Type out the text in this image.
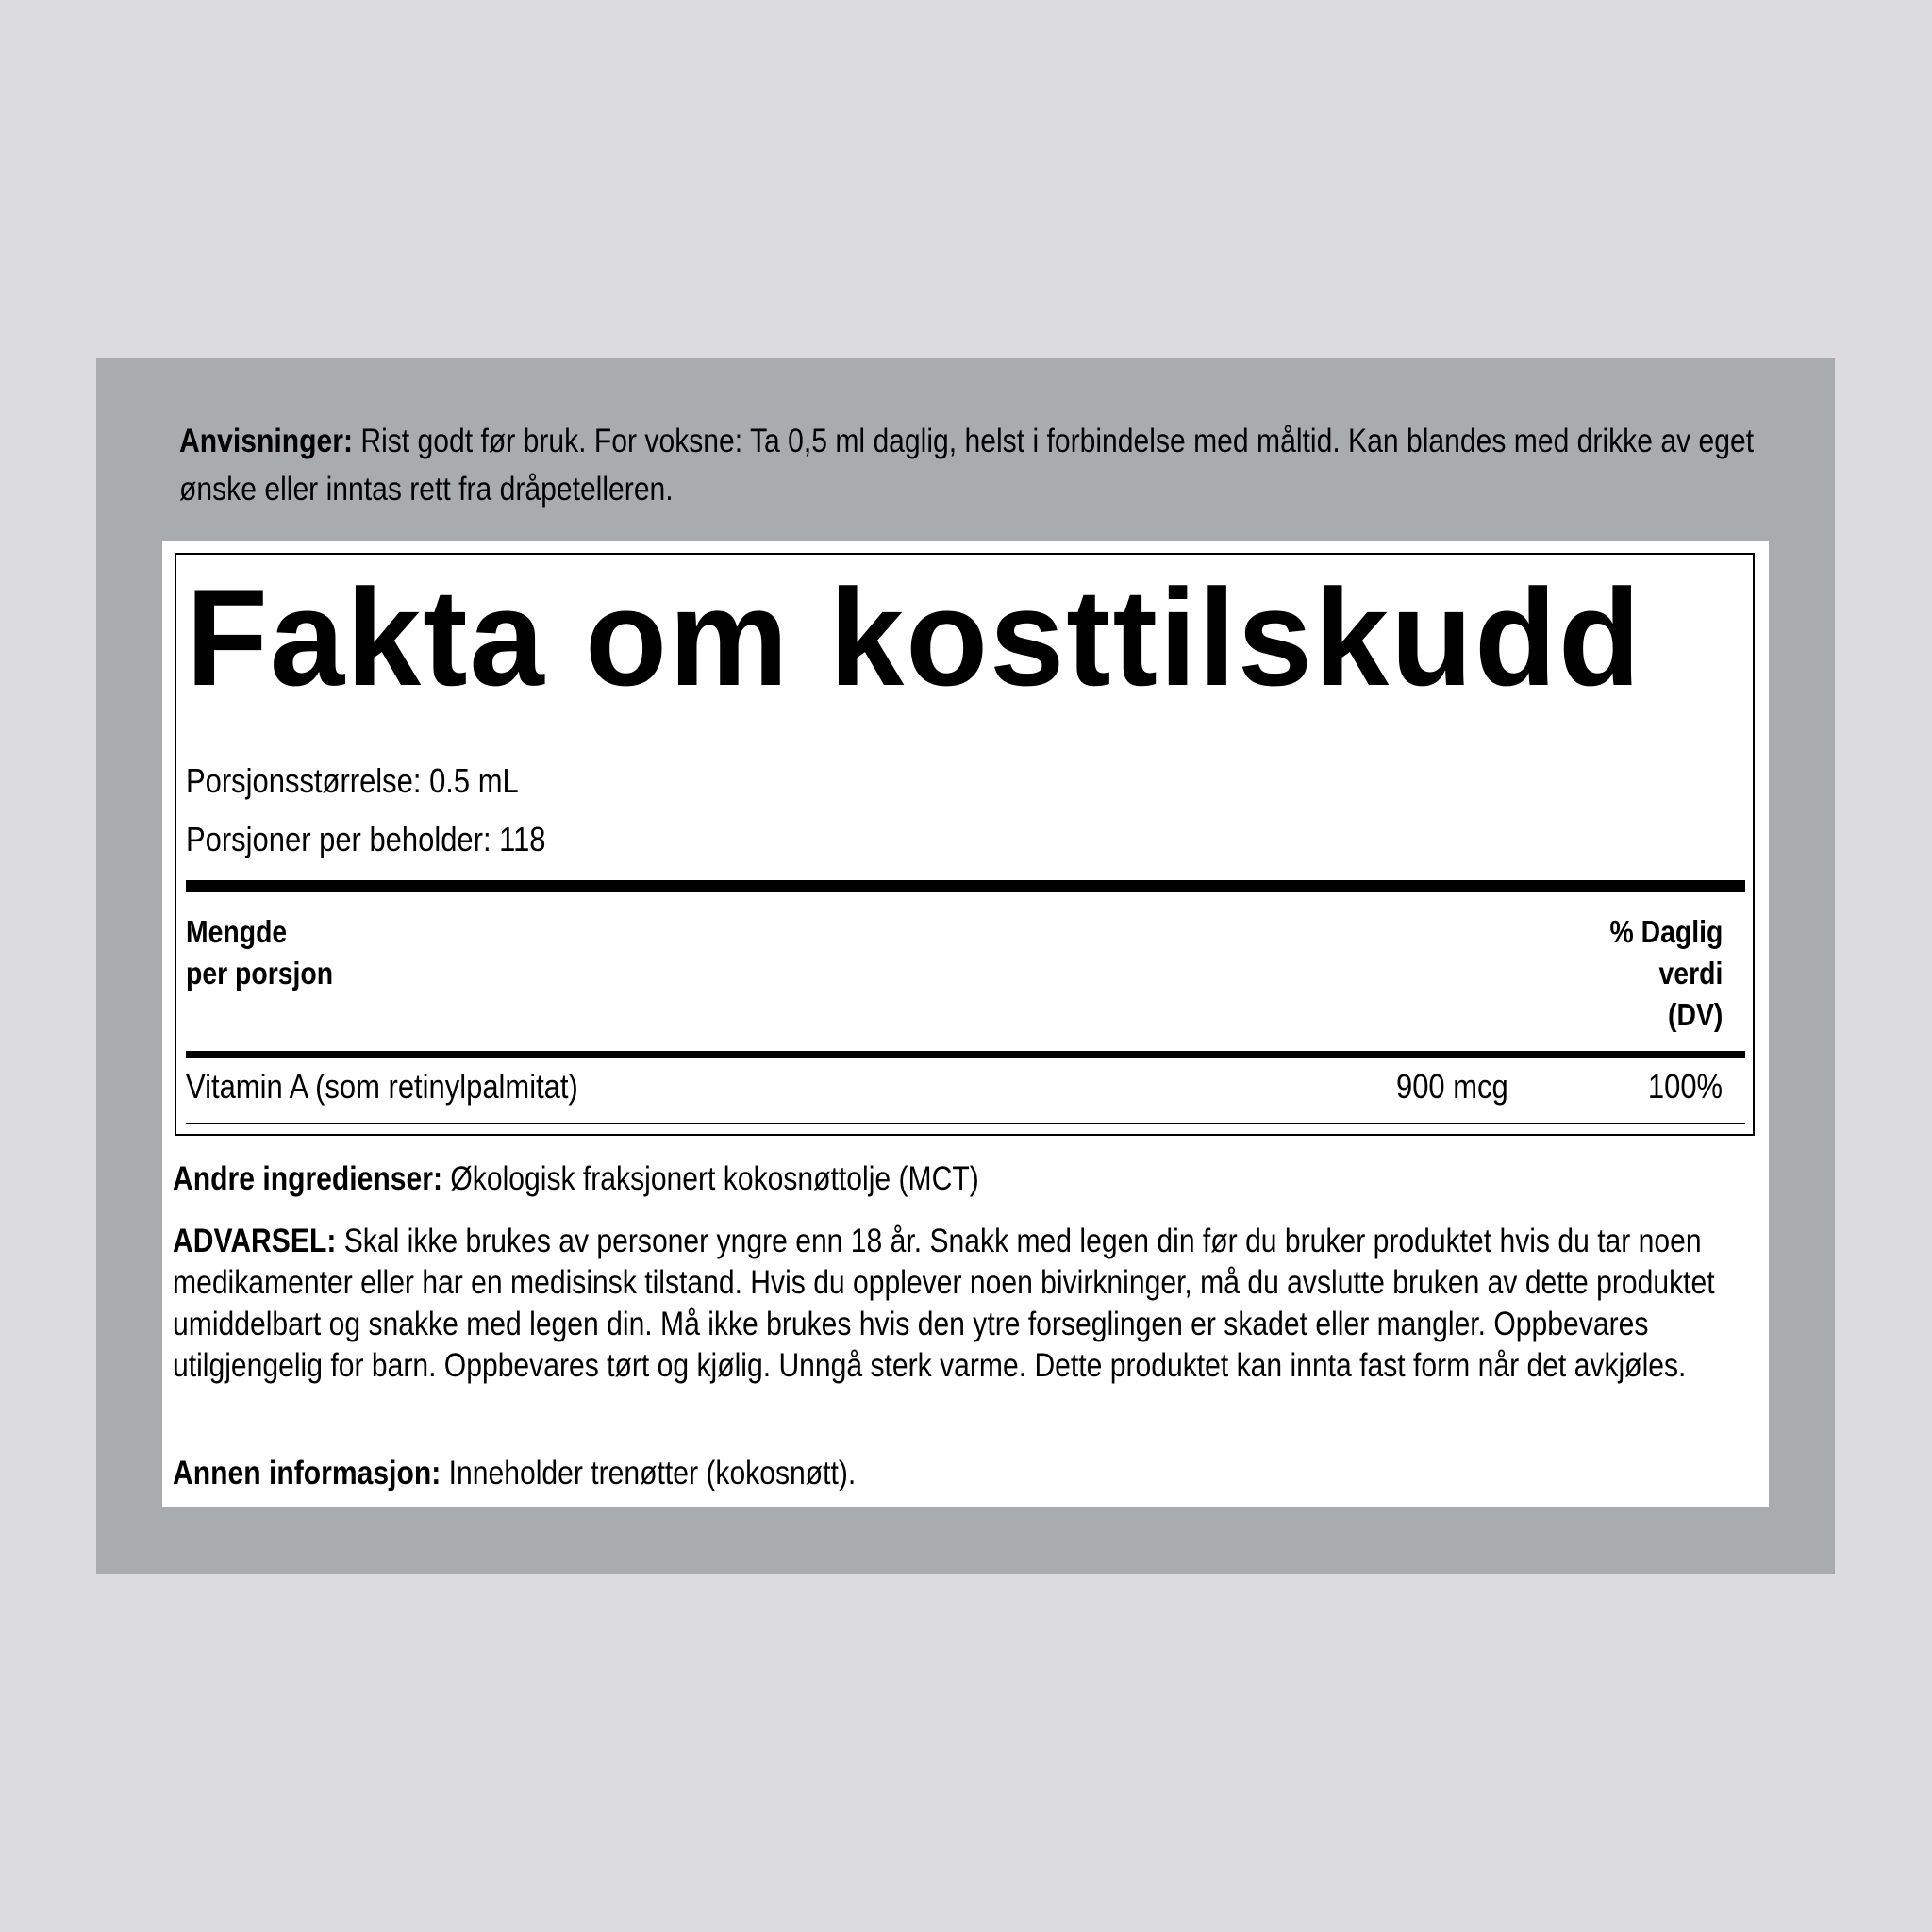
Anvisninger: Rist godt før bruk. For voksne: Ta 0,5 ml daglig, helst i forbindelse med måltid. Kan blandes med drikke av eget ønske eller inntas rett fra dråpetelleren.
Fakta om kosttilskudd
Porsjonsstørrelse: 0.5 mL
Porsjoner per beholder: 118
Mengde
per porsjon
% Daglig
verdi
(DV)
Vitamin A (som retinylpalmitat)	900 mcg	100%
Andre ingredienser: Økologisk fraksjonert kokosnøttolje (MCT)
ADVARSEL: Skal ikke brukes av personer yngre enn 18 år. Snakk med legen din før du bruker produktet hvis du tar noen medikamenter eller har en medisinsk tilstand. Hvis du opplever noen bivirkninger, må du avslutte bruken av dette produktet umiddelbart og snakke med legen din. Må ikke brukes hvis den ytre forseglingen er skadet eller mangler. Oppbevares utilgjengelig for barn. Oppbevares tørt og kjølig. Unngå sterk varme. Dette produktet kan innta fast form når det avkjøles.
Annen informasjon: Inneholder trenøtter (kokosnøtt).
